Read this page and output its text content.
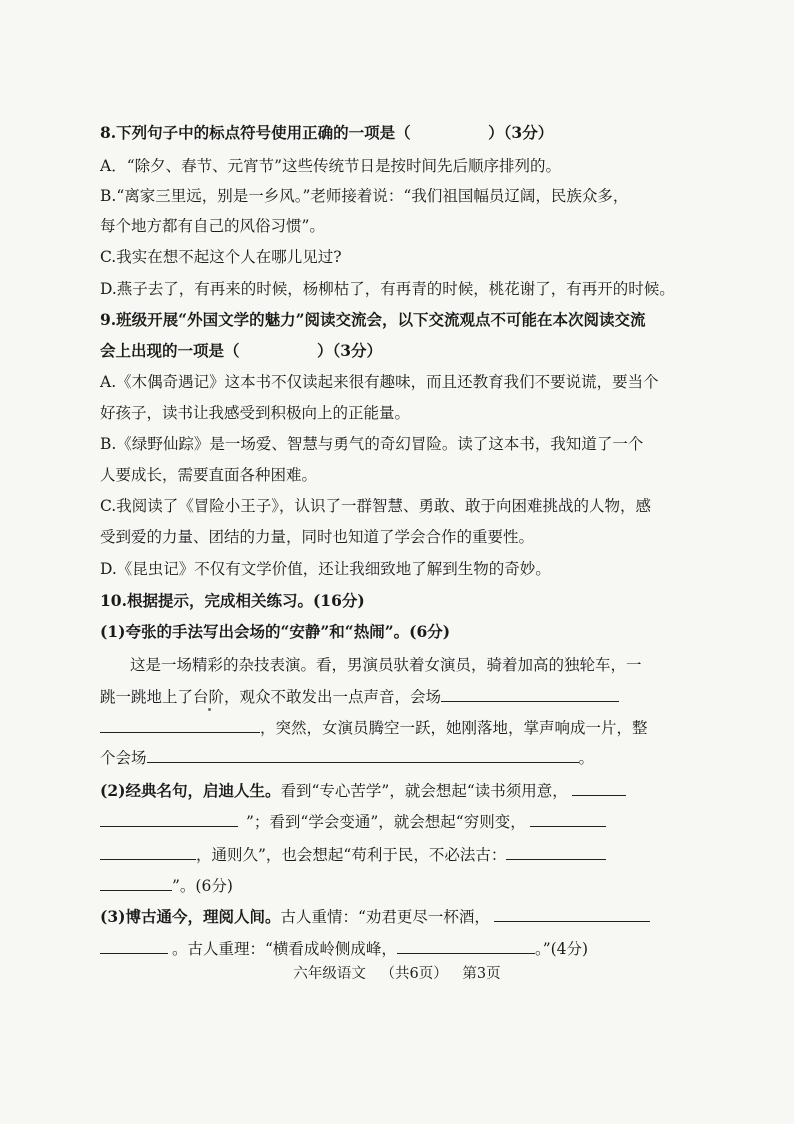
8.下列句子中的标点符号使用正确的一项是（　　　　　）（3分）
A．“除夕、春节、元宵节”这些传统节日是按时间先后顺序排列的。
B.“离家三里远，别是一乡风。”老师接着说：“我们祖国幅员辽阔，民族众多，
每个地方都有自己的风俗习惯”。
C.我实在想不起这个人在哪儿见过?
D.燕子去了，有再来的时候，杨柳枯了，有再青的时候，桃花谢了，有再开的时候。
9.班级开展“外国文学的魅力”阅读交流会，以下交流观点不可能在本次阅读交流
会上出现的一项是（　　　　　）（3分）
A.《木偶奇遇记》这本书不仅读起来很有趣味，而且还教育我们不要说谎，要当个
好孩子，读书让我感受到积极向上的正能量。
B.《绿野仙踪》是一场爱、智慧与勇气的奇幻冒险。读了这本书，我知道了一个
人要成长，需要直面各种困难。
C.我阅读了《冒险小王子》，认识了一群智慧、勇敢、敢于向困难挑战的人物，感
受到爱的力量、团结的力量，同时也知道了学会合作的重要性。
D.《昆虫记》不仅有文学价值，还让我细致地了解到生物的奇妙。
10.根据提示，完成相关练习。(16分)
(1)夸张的手法写出会场的“安静”和“热闹”。(6分)
这是一场精彩的杂技表演。看，男演员驮着女演员，骑着加高的独轮车，一
跳一跳地上了台阶，观众不敢发出一点声音，会场
，突然，女演员腾空一跃，她刚落地，掌声响成一片，整
个会场	。
(2)经典名句，启迪人生。看到“专心苦学”，就会想起“读书须用意，
”；看到“学会变通”，就会想起“穷则变，
，通则久”，也会想起“苟利于民，不必法古：
”。(6分)
(3)博古通今，理阅人间。古人重情：“劝君更尽一杯酒，
。古人重理：“横看成岭侧成峰，	。”(4分)
六年级语文 （共6页） 第3页
